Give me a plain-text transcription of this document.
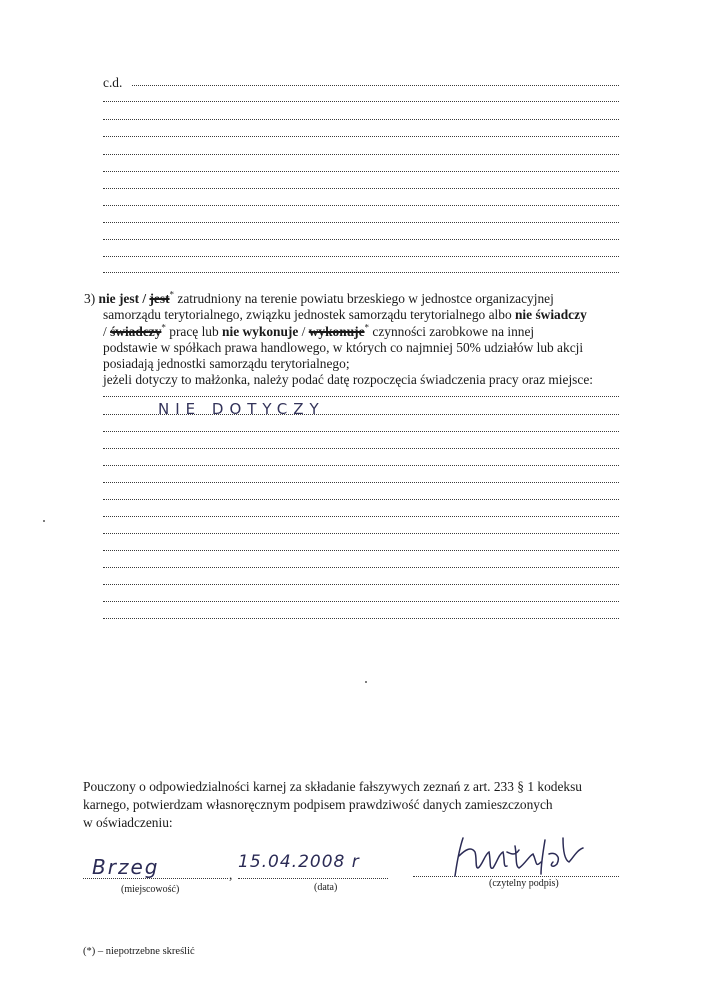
c.d.
3) nie jest / jest* zatrudniony na terenie powiatu brzeskiego w jednostce organizacyjnej
samorządu terytorialnego, związku jednostek samorządu terytorialnego albo nie świadczy
/ świadczy* pracę lub nie wykonuje / wykonuje* czynności zarobkowe na innej
podstawie w spółkach prawa handlowego, w których co najmniej 50% udziałów lub akcji
posiadają jednostki samorządu terytorialnego;
jeżeli dotyczy to małżonka, należy podać datę rozpoczęcia świadczenia pracy oraz miejsce:
NIE DOTYCZY
Pouczony o odpowiedzialności karnej za składanie fałszywych zeznań z art. 233 § 1 kodeksu
karnego, potwierdzam własnoręcznym podpisem prawdziwość danych zamieszczonych
w oświadczeniu:
Brzeg	,
(miejscowość)
15.04.2008 r
(data)	(czytelny podpis)
(*) – niepotrzebne skreślić
